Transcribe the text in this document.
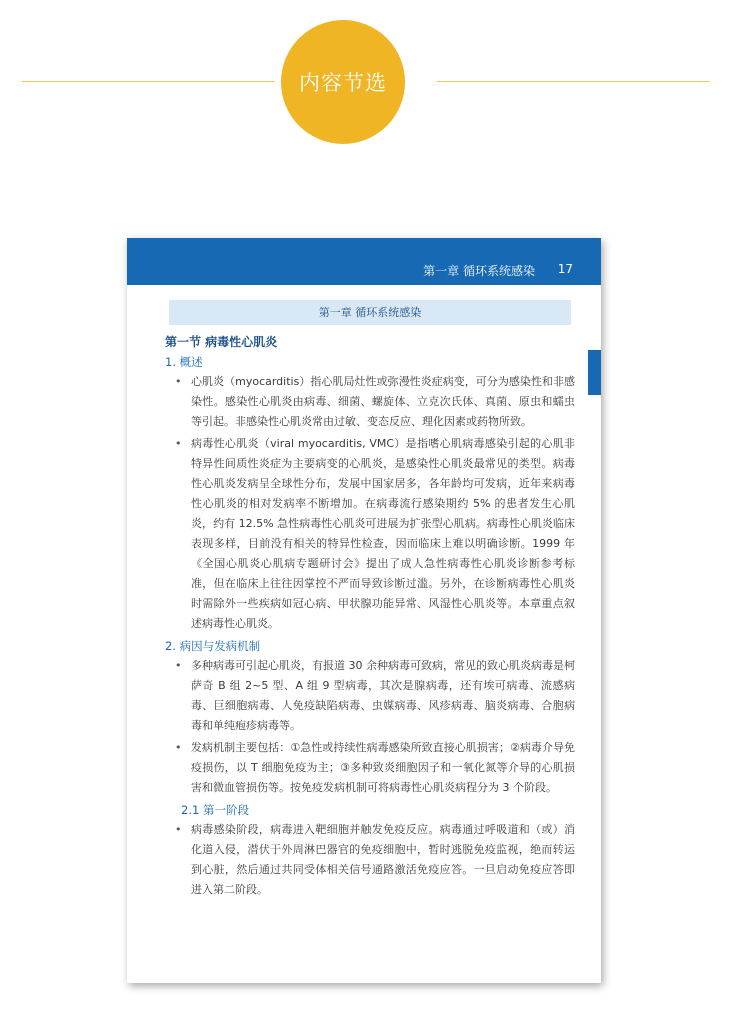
内容节选
第一章 循环系统感染 17
第一章 循环系统感染
第一节 病毒性心肌炎
1. 概述
• 心肌炎（myocarditis）指心肌局灶性或弥漫性炎症病变，可分为感染性和非感染性。感染性心肌炎由病毒、细菌、螺旋体、立克次氏体、真菌、原虫和蠕虫等引起。非感染性心肌炎常由过敏、变态反应、理化因素或药物所致。
• 病毒性心肌炎（viral myocarditis, VMC）是指嗜心肌病毒感染引起的心肌非特异性间质性炎症为主要病变的心肌炎，是感染性心肌炎最常见的类型。病毒性心肌炎发病呈全球性分布，发展中国家居多，各年龄均可发病，近年来病毒性心肌炎的相对发病率不断增加。在病毒流行感染期约 5% 的患者发生心肌炎，约有 12.5% 急性病毒性心肌炎可进展为扩张型心肌病。病毒性心肌炎临床表现多样，目前没有相关的特异性检查，因而临床上难以明确诊断。1999 年《全国心肌炎心肌病专题研讨会》提出了成人急性病毒性心肌炎诊断参考标准，但在临床上往往因掌控不严而导致诊断过滥。另外，在诊断病毒性心肌炎时需除外一些疾病如冠心病、甲状腺功能异常、风湿性心肌炎等。本章重点叙述病毒性心肌炎。
2. 病因与发病机制
• 多种病毒可引起心肌炎，有报道 30 余种病毒可致病，常见的致心肌炎病毒是柯萨奇 B 组 2~5 型、A 组 9 型病毒，其次是腺病毒，还有埃可病毒、流感病毒、巨细胞病毒、人免疫缺陷病毒、虫媒病毒、风疹病毒、脑炎病毒、合胞病毒和单纯疱疹病毒等。
• 发病机制主要包括：①急性或持续性病毒感染所致直接心肌损害；②病毒介导免疫损伤，以 T 细胞免疫为主；③多种致炎细胞因子和一氧化氮等介导的心肌损害和微血管损伤等。按免疫发病机制可将病毒性心肌炎病程分为 3 个阶段。
2.1 第一阶段
• 病毒感染阶段，病毒进入靶细胞并触发免疫反应。病毒通过呼吸道和（或）消化道入侵，潜伏于外周淋巴器官的免疫细胞中，暂时逃脱免疫监视，绝而转运到心脏，然后通过共同受体相关信号通路激活免疫应答。一旦启动免疫应答即进入第二阶段。
